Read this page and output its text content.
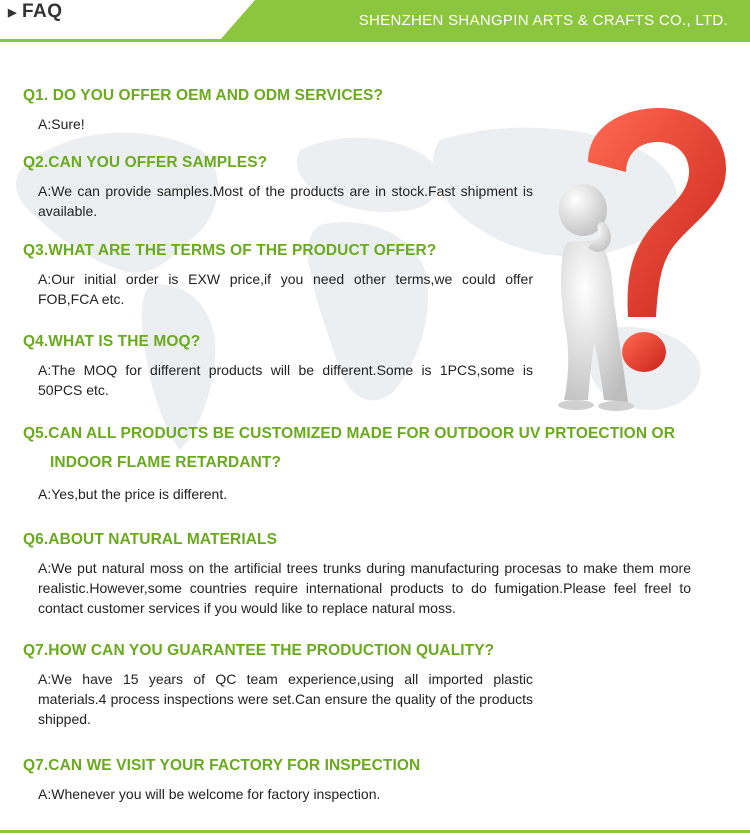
▶ FAQ	SHENZHEN SHANGPIN ARTS & CRAFTS CO., LTD.
Q1. DO YOU OFFER OEM AND ODM SERVICES?
A:Sure!
Q2.CAN YOU OFFER SAMPLES?
A:We can provide samples.Most of the products are in stock.Fast shipment is available.
Q3.WHAT ARE THE TERMS OF THE PRODUCT OFFER?
A:Our initial order is EXW price,if you need other terms,we could offer FOB,FCA etc.
Q4.WHAT IS THE MOQ?
A:The MOQ for different products will be different.Some is 1PCS,some is 50PCS etc.
Q5.CAN ALL PRODUCTS BE CUSTOMIZED MADE FOR OUTDOOR UV PRTOECTION OR
INDOOR FLAME RETARDANT?
A:Yes,but the price is different.
Q6.ABOUT NATURAL MATERIALS
A:We put natural moss on the artificial trees trunks during manufacturing procesas to make them more realistic.However,some countries require international products to do fumigation.Please feel freel to contact customer services if you would like to replace natural moss.
Q7.HOW CAN YOU GUARANTEE THE PRODUCTION QUALITY?
A:We have 15 years of QC team experience,using all imported plastic materials.4 process inspections were set.Can ensure the quality of the products shipped.
Q7.CAN WE VISIT YOUR FACTORY FOR INSPECTION
A:Whenever you will be welcome for factory inspection.
